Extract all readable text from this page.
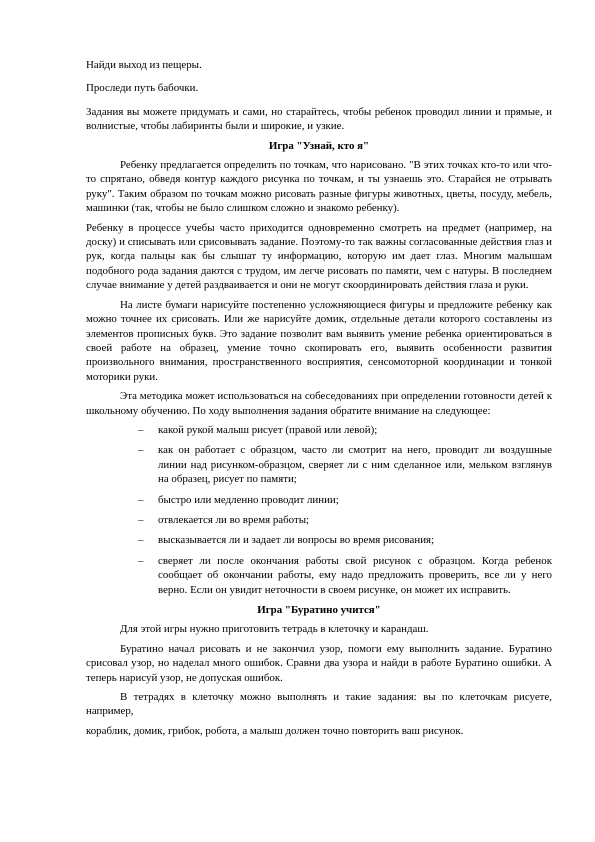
Найди выход из пещеры.

Проследи путь бабочки.

Задания вы можете придумать и сами, но старайтесь, чтобы ребенок проводил линии и прямые, и волнистые, чтобы лабиринты были и широкие, и узкие.

Игра "Узнай, кто я"

Ребенку предлагается определить по точкам, что нарисовано. "В этих точках кто-то или что-то спрятано, обведя контур каждого рисунка по точкам, и ты узнаешь это. Старайся не отрывать руку". Таким образом по точкам можно рисовать разные фигуры животных, цветы, посуду, мебель, машинки (так, чтобы не было слишком сложно и знакомо ребенку).

Ребенку в процессе учебы часто приходится одновременно смотреть на предмет (например, на доску) и списывать или срисовывать задание. Поэтому-то так важны согласованные действия глаз и рук, когда пальцы как бы слышат ту информацию, которую им дает глаз. Многим малышам подобного рода задания даются с трудом, им легче рисовать по памяти, чем с натуры. В последнем случае внимание у детей раздваивается и они не могут скоординировать действия глаза и руки.

На листе бумаги нарисуйте постепенно усложняющиеся фигуры и предложите ребенку как можно точнее их срисовать. Или же нарисуйте домик, отдельные детали которого составлены из элементов прописных букв. Это задание позволит вам выявить умение ребенка ориентироваться в своей работе на образец, умение точно скопировать его, выявить особенности развития произвольного внимания, пространственного восприятия, сенсомоторной координации и тонкой моторики руки.

Эта методика может использоваться на собеседованиях при определении готовности детей к школьному обучению. По ходу выполнения задания обратите внимание на следующее:

– какой рукой малыш рисует (правой или левой);
– как он работает с образцом, часто ли смотрит на него, проводит ли воздушные линии над рисунком-образцом, сверяет ли с ним сделанное или, мельком взглянув на образец, рисует по памяти;
– быстро или медленно проводит линии;
– отвлекается ли во время работы;
– высказывается ли и задает ли вопросы во время рисования;
– сверяет ли после окончания работы свой рисунок с образцом. Когда ребенок сообщает об окончании работы, ему надо предложить проверить, все ли у него верно. Если он увидит неточности в своем рисунке, он может их исправить.

Игра "Буратино учится"

Для этой игры нужно приготовить тетрадь в клеточку и карандаш.

Буратино начал рисовать и не закончил узор, помоги ему выполнить задание. Буратино срисовал узор, но наделал много ошибок. Сравни два узора и найди в работе Буратино ошибки. А теперь нарисуй узор, не допуская ошибок.

В тетрадях в клеточку можно выполнять и такие задания: вы по клеточкам рисуете, например,

кораблик, домик, грибок, робота, а малыш должен точно повторить ваш рисунок.
